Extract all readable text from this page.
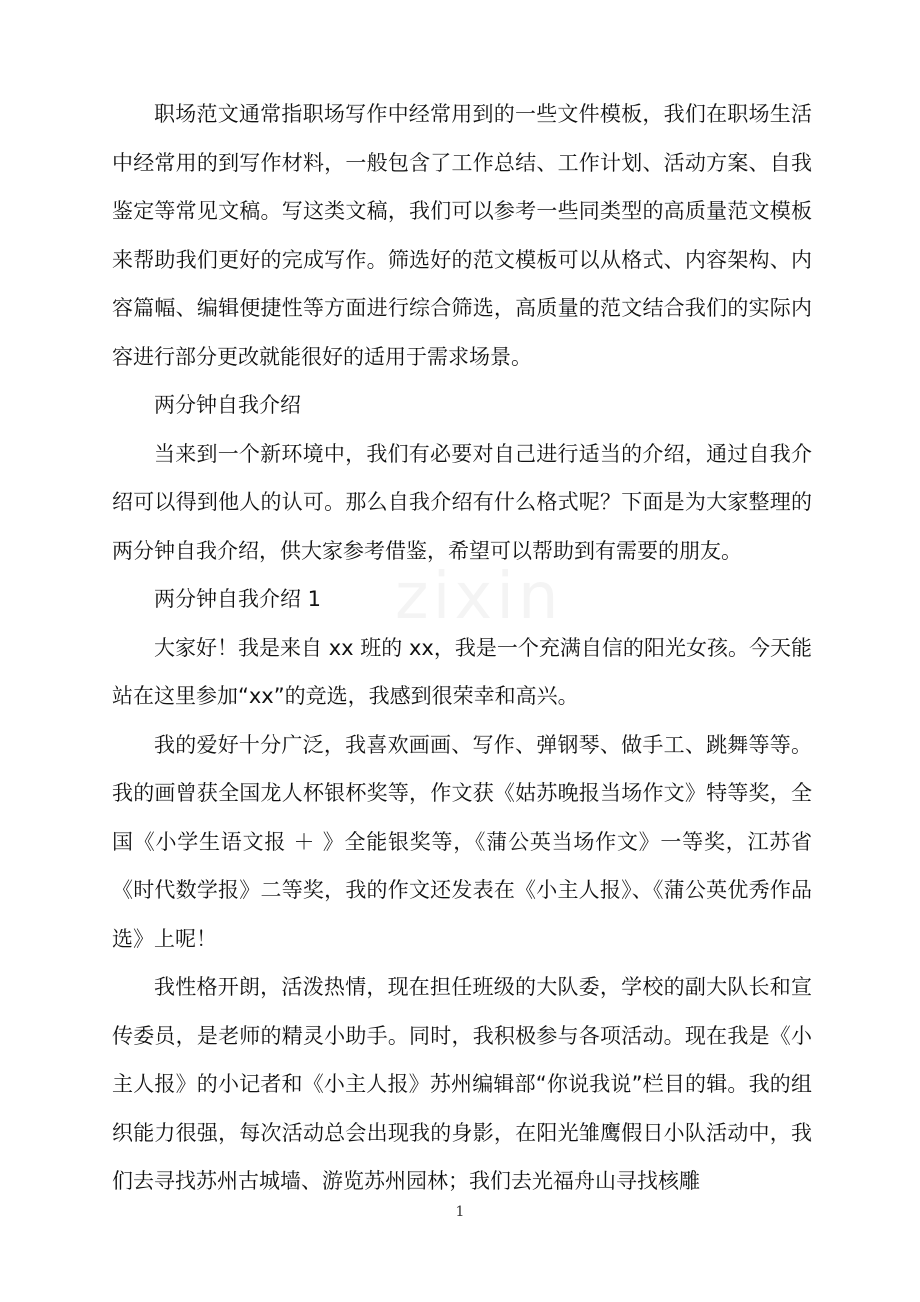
职场范文通常指职场写作中经常用到的一些文件模板，我们在职场生活中经常用的到写作材料，一般包含了工作总结、工作计划、活动方案、自我鉴定等常见文稿。写这类文稿，我们可以参考一些同类型的高质量范文模板来帮助我们更好的完成写作。筛选好的范文模板可以从格式、内容架构、内容篇幅、编辑便捷性等方面进行综合筛选，高质量的范文结合我们的实际内容进行部分更改就能很好的适用于需求场景。

两分钟自我介绍

当来到一个新环境中，我们有必要对自己进行适当的介绍，通过自我介绍可以得到他人的认可。那么自我介绍有什么格式呢？下面是为大家整理的两分钟自我介绍，供大家参考借鉴，希望可以帮助到有需要的朋友。

两分钟自我介绍 1

大家好！我是来自 xx 班的 xx，我是一个充满自信的阳光女孩。今天能站在这里参加“xx”的竞选，我感到很荣幸和高兴。

我的爱好十分广泛，我喜欢画画、写作、弹钢琴、做手工、跳舞等等。我的画曾获全国龙人杯银杯奖等，作文获《姑苏晚报当场作文》特等奖，全国《小学生语文报 ＋ 》全能银奖等，《蒲公英当场作文》一等奖，江苏省《时代数学报》二等奖，我的作文还发表在《小主人报》、《蒲公英优秀作品选》上呢！

我性格开朗，活泼热情，现在担任班级的大队委，学校的副大队长和宣传委员，是老师的精灵小助手。同时，我积极参与各项活动。现在我是《小主人报》的小记者和《小主人报》苏州编辑部“你说我说”栏目的辑。我的组织能力很强，每次活动总会出现我的身影，在阳光雏鹰假日小队活动中，我们去寻找苏州古城墙、游览苏州园林；我们去光福舟山寻找核雕

1
